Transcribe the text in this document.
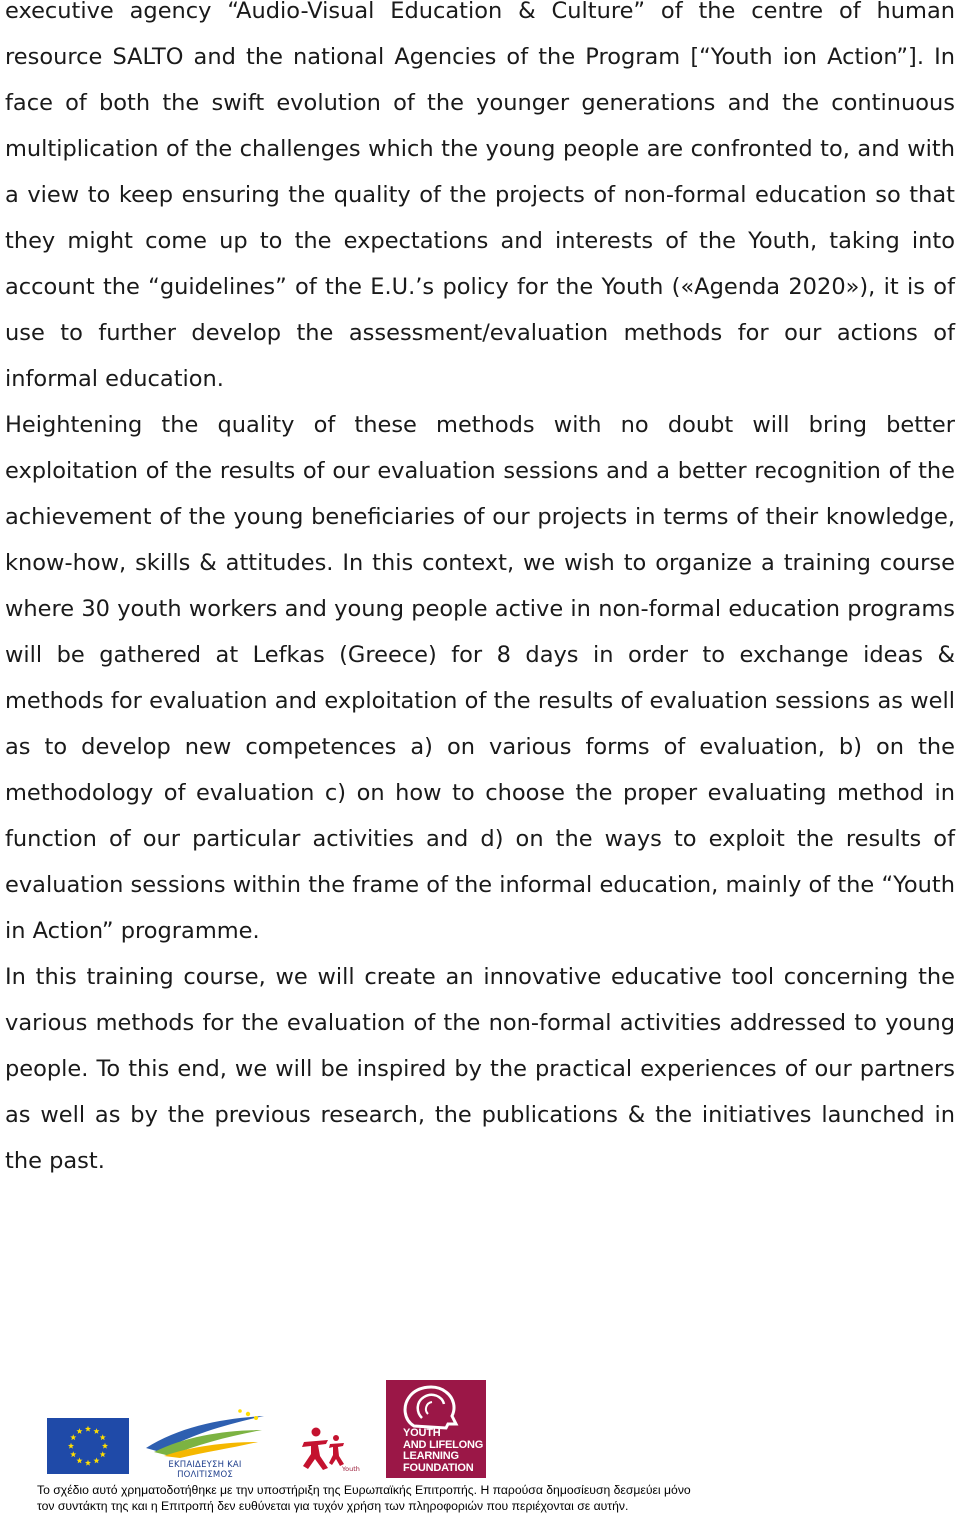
executive agency “Audio-Visual Education & Culture” of the centre of human resource SALTO and the national Agencies of the Program [“Youth ion Action”]. In face of both the swift evolution of the younger generations and the continuous multiplication of the challenges which the young people are confronted to, and with a view to keep ensuring the quality of the projects of non-formal education so that they might come up to the expectations and interests of the Youth, taking into account the “guidelines” of the E.U.’s policy for the Youth («Agenda 2020»), it is of use to further develop the assessment/evaluation methods for our actions of informal education.

Heightening the quality of these methods with no doubt will bring better exploitation of the results of our evaluation sessions and a better recognition of the achievement of the young beneficiaries of our projects in terms of their knowledge, know-how, skills & attitudes. In this context, we wish to organize a training course where 30 youth workers and young people active in non-formal education programs will be gathered at Lefkas (Greece) for 8 days in order to exchange ideas & methods for evaluation and exploitation of the results of evaluation sessions as well as to develop new competences a) on various forms of evaluation, b) on the methodology of evaluation c) on how to choose the proper evaluating method in function of our particular activities and d) on the ways to exploit the results of evaluation sessions within the frame of the informal education, mainly of the “Youth in Action” programme.

In this training course, we will create an innovative educative tool concerning the various methods for the evaluation of the non-formal activities addressed to young people. To this end, we will be inspired by the practical experiences of our partners as well as by the previous research, the publications & the initiatives launched in the past.

ΕΚΠΑΙΔΕΥΣΗ ΚΑΙ ΠΟΛΙΤΙΣΜΟΣ
Youth
YOUTH
AND LIFELONG
LEARNING
FOUNDATION
Το σχέδιο αυτό χρηματοδοτήθηκε με την υποστήριξη της Ευρωπαϊκής Επιτροπής. Η παρούσα δημοσίευση δεσμεύει μόνο
τον συντάκτη της και η Επιτροπή δεν ευθύνεται για τυχόν χρήση των πληροφοριών που περιέχονται σε αυτήν.
